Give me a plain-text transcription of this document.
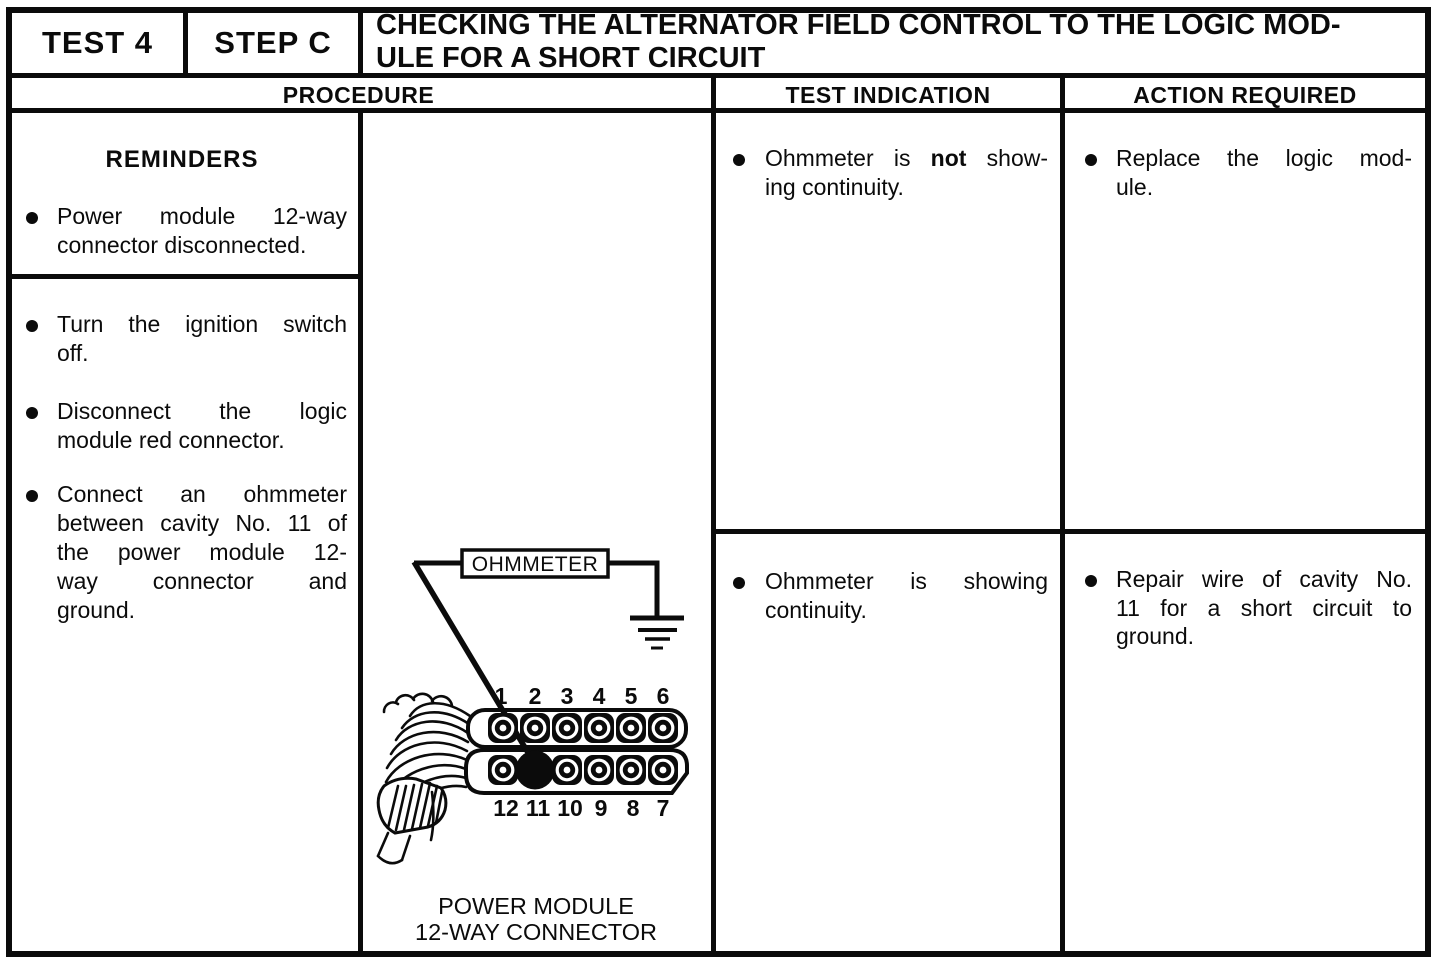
TEST 4 STEP C CHECKING THE ALTERNATOR FIELD CONTROL TO THE LOGIC MOD-
ULE FOR A SHORT CIRCUIT
PROCEDURE	TEST INDICATION	ACTION REQUIRED
REMINDERS
Power module 12-way
connector disconnected.
Turn the ignition switch
off.
Disconnect the logic
module red connector.
Connect an ohmmeter
between cavity No. 11 of
the power module 12-
way connector and
ground.
Ohmmeter is not show-
ing continuity.
Ohmmeter is showing
continuity.
Replace the logic mod-
ule.
Repair wire of cavity No.
11 for a short circuit to
ground.
OHMMETER
1 2 3 4 5 6
12 11 10 9 8 7
POWER MODULE
12-WAY CONNECTOR
